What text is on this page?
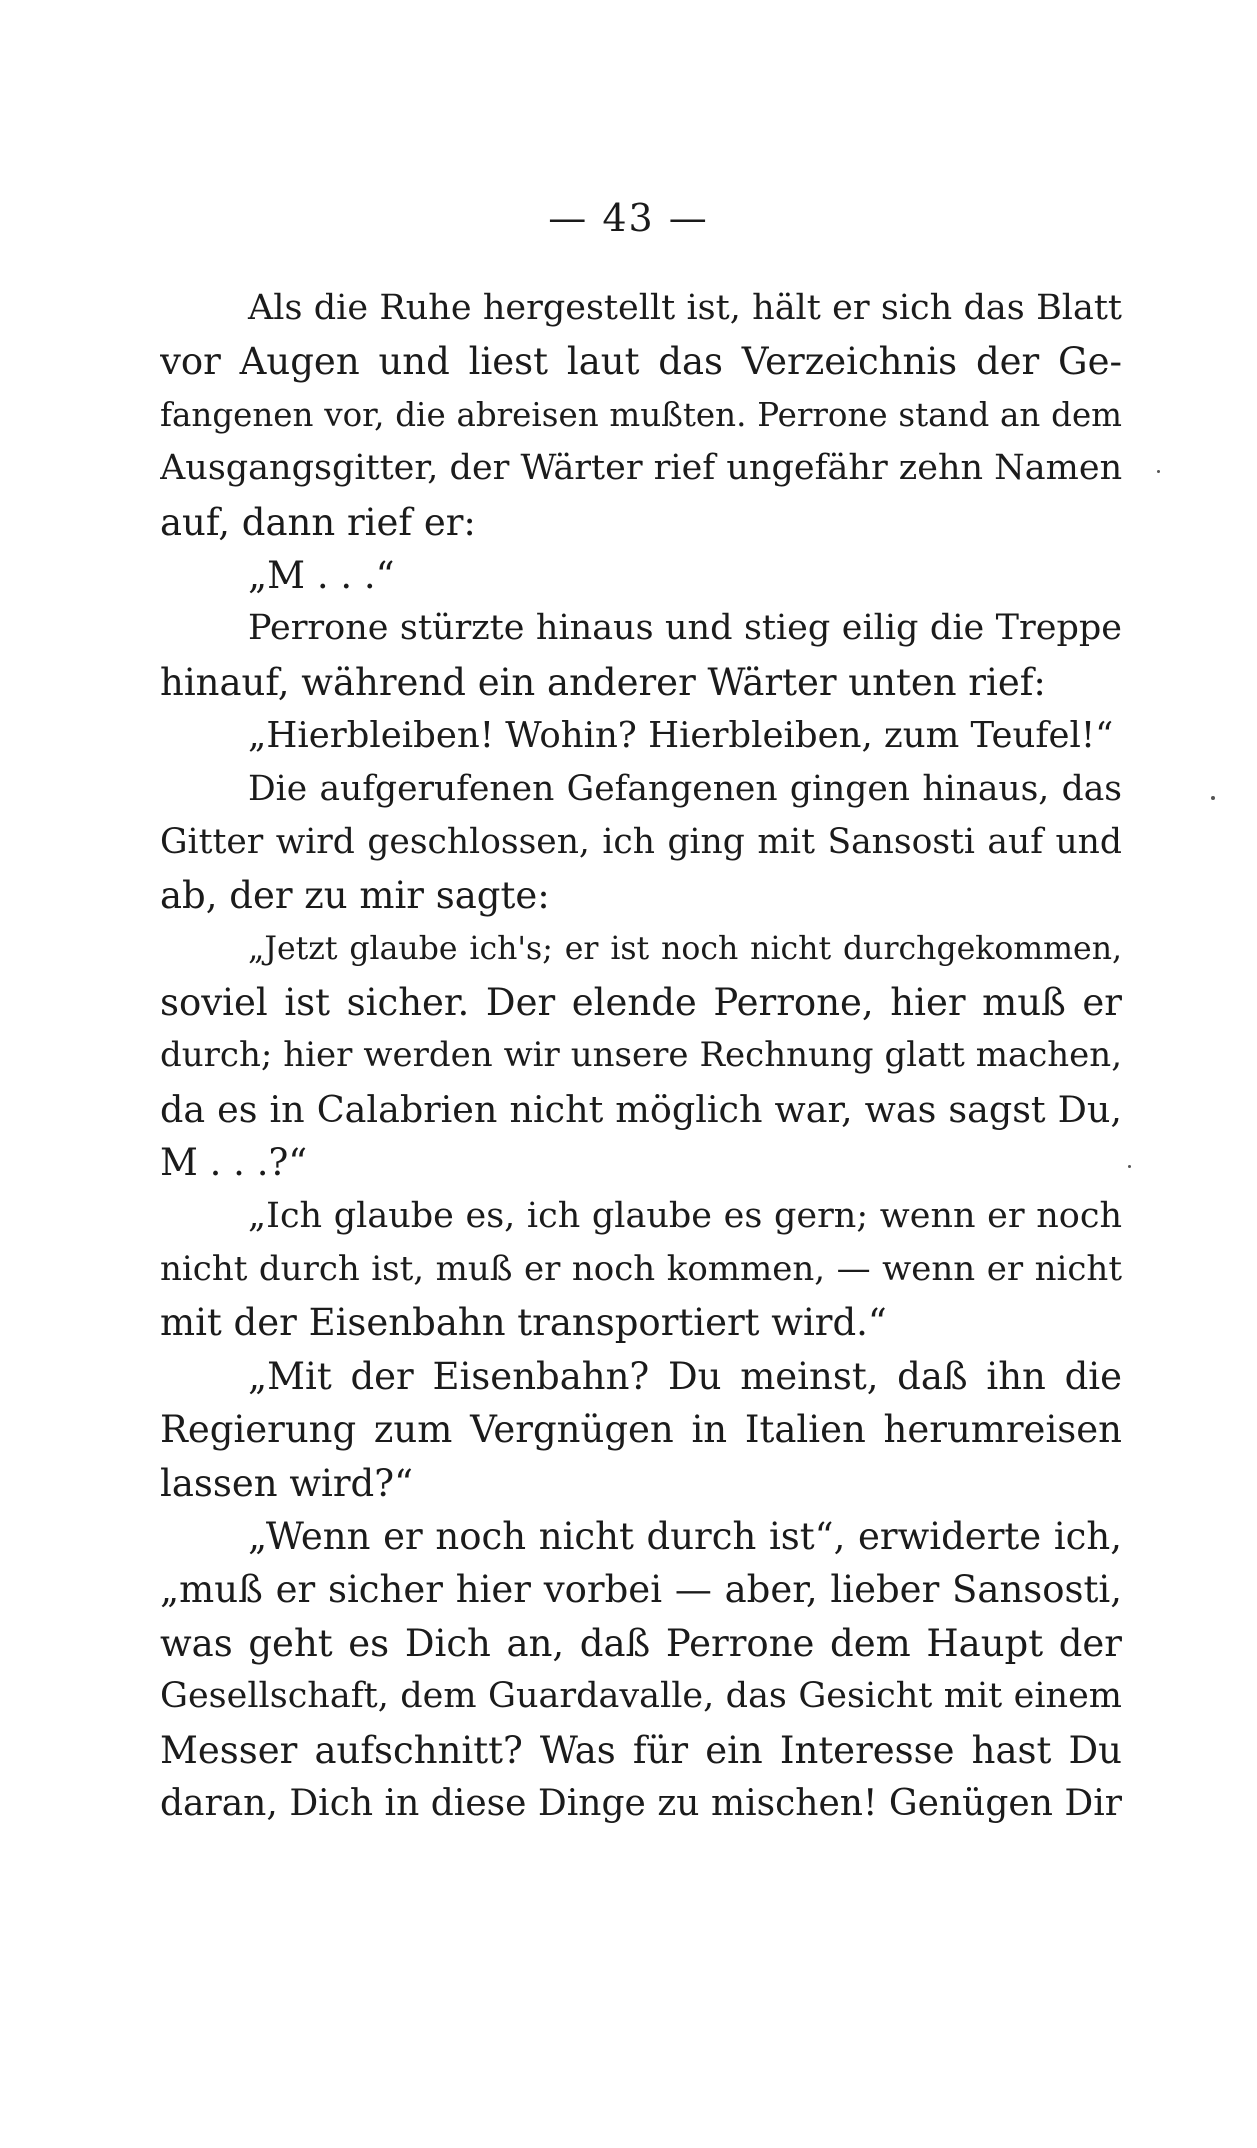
— 43 —
Als die Ruhe hergestellt ist, hält er sich das Blatt
vor Augen und liest laut das Verzeichnis der Ge-
fangenen vor, die abreisen mußten. Perrone stand an dem
Ausgangsgitter, der Wärter rief ungefähr zehn Namen
auf, dann rief er:
„M . . .“
Perrone stürzte hinaus und stieg eilig die Treppe
hinauf, während ein anderer Wärter unten rief:
„Hierbleiben! Wohin? Hierbleiben, zum Teufel!“
Die aufgerufenen Gefangenen gingen hinaus, das
Gitter wird geschlossen, ich ging mit Sansosti auf und
ab, der zu mir sagte:
„Jetzt glaube ich's; er ist noch nicht durchgekommen,
soviel ist sicher. Der elende Perrone, hier muß er
durch; hier werden wir unsere Rechnung glatt machen,
da es in Calabrien nicht möglich war, was sagst Du,
M . . .?“
„Ich glaube es, ich glaube es gern; wenn er noch
nicht durch ist, muß er noch kommen, — wenn er nicht
mit der Eisenbahn transportiert wird.“
„Mit der Eisenbahn? Du meinst, daß ihn die
Regierung zum Vergnügen in Italien herumreisen
lassen wird?“
„Wenn er noch nicht durch ist“, erwiderte ich,
„muß er sicher hier vorbei — aber, lieber Sansosti,
was geht es Dich an, daß Perrone dem Haupt der
Gesellschaft, dem Guardavalle, das Gesicht mit einem
Messer aufschnitt? Was für ein Interesse hast Du
daran, Dich in diese Dinge zu mischen! Genügen Dir
